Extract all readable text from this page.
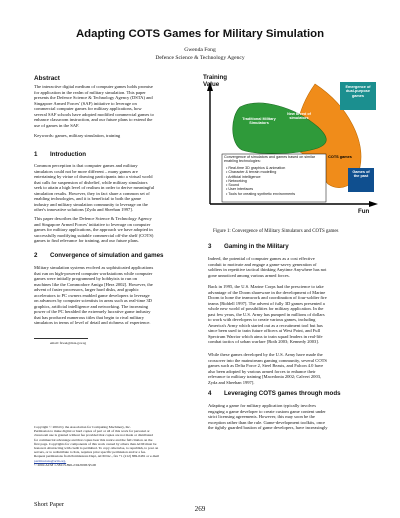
Adapting COTS Games for Military Simulation
Gwenda Fong
Defence Science & Technology Agency
Abstract
The interactive digital medium of computer games holds promise
for application in the realm of military simulation. This paper
presents the Defence Science & Technology Agency (DSTA) and
Singapore Armed Forces' (SAF) initiative to leverage on
commercial computer games for military applications, how
several SAF schools have adopted modified commercial games to
enhance classroom instruction, and our future plans to extend the
use of games in the SAF.
Keywords: games, military simulation, training
1 Introduction
Common perception is that computer games and military
simulators could not be more different – many games are
entertaining by virtue of drawing participants into a virtual world
that calls for suspension of disbelief, while military simulators
seek to attain a high level of realism in order to derive meaningful
simulation results. However, they in fact share a common set of
enabling technologies, and it is beneficial to both the game
industry and military simulation community to leverage on the
other's innovative solutions [Zyda and Sheehan 1997].
This paper describes the Defence Science & Technology Agency
and Singapore Armed Forces' initiative to leverage on computer
games for military applications, the approach we have adopted in
successfully modifying suitable commercial off-the shelf (COTS)
games to find relevance for training, and our future plans.
2 Convergence of simulation and games
Military simulation systems evolved as sophisticated applications
that run on high-powered computer workstations while computer
games were initially programmed by hobbyists to run on
machines like the Commodore Amiga [Herz 2002]. However, the
advent of faster processors, larger hard disks, and graphic
accelerators to PC owners enabled game developers to leverage
on advances by computer scientists in areas such as real-time 3D
graphics, artificial intelligence and networking. The increasing
power of the PC heralded the extremely lucrative game industry
that has produced numerous titles that begin to rival military
simulators in terms of level of detail and richness of experience.
email: fzwei@dsta.gov.sg
Copyright © 2004 by the Association for Computing Machinery, Inc.
Permission to make digital or hard copies of part or all of this work for personal or
classroom use is granted without fee provided that copies are not made or distributed
for commercial advantage and that copies bear this notice and the full citation on the
first page. Copyrights for components of this work owned by others than ACM must be
honored. Abstracting with credit is permitted. To copy otherwise, to republish, to post on
servers, or to redistribute to lists, requires prior specific permission and/or a fee.
Request permissions from Permissions Dept, ACM Inc., fax +1 (212) 869-0481 or e-mail
permissions@acm.org.
© 2004 ACM 1-58113-896-2/04/0006 $5.00
Short Paper
269
Training Value
Fun
Traditional Military Simulators
New breed of simulators
Emergence of dual-purpose games
COTS games
Games of the past
Convergence of simulators and games based on similar enabling technologies:
• Real-time 3D graphics & animation
• Character & terrain modelling
• Artificial intelligence
• Networking
• Sound
• User interfaces
• Tools for creating synthetic environments
Figure 1: Convergence of Military Simulators and COTS games
3 Gaming in the Military
Indeed, the potential of computer games as a cost effective
conduit to motivate and engage a game-savvy generation of
soldiers in repetitive tactical thinking Anytime Anywhere has not
gone unnoticed among various armed forces.
Back in 1995, the U.S. Marine Corps had the prescience to take
advantage of the Doom shareware in the development of Marine
Doom to hone the teamwork and coordination of four-soldier fire
teams [Riddell 1997]. The advent of fully 3D games presented a
whole new world of possibilities for military application. In the
past few years, the U.S. Army has pumped in millions of dollars
to work with developers to create various games, including
America's Army which started out as a recruitment tool but has
since been used to train future officers at West Point, and Full
Spectrum Warrior which aims to train squad leaders in real-life
combat tactics of urban warfare [Roth 2003; Kennedy 2003].
While these games developed by the U.S. Army have made the
crossover into the mainstream gaming community, several COTS
games such as Delta Force 2, Steel Beasts, and Falcon 4.0 have
also been adopted by various armed forces to enhance their
relevance to military training [Macedonia 2002; Calvert 2003,
Zyda and Sheehan 1997].
4 Leveraging COTS games through mods
Adapting a game for military application typically involves
engaging a game developer to create custom game content under
strict licensing agreements. However, this may soon be the
exception rather than the rule. Game-development toolkits, once
the tightly guarded bastion of game developers, have increasingly
